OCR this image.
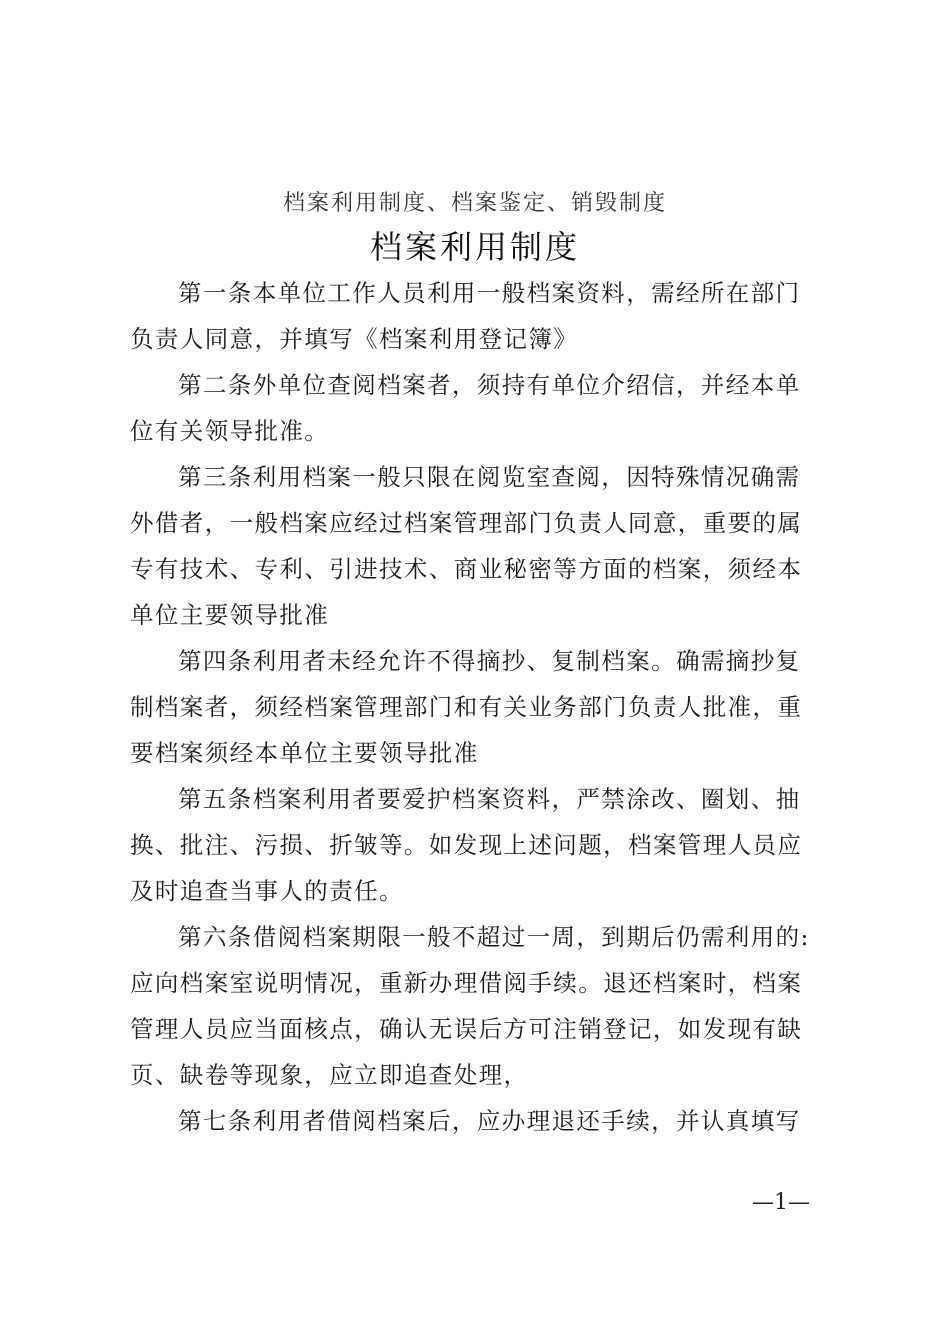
档案利用制度、档案鉴定、销毁制度
档案利用制度
第一条本单位工作人员利用一般档案资料，需经所在部门
负责人同意，并填写《档案利用登记簿》
第二条外单位查阅档案者，须持有单位介绍信，并经本单
位有关领导批准。
第三条利用档案一般只限在阅览室查阅，因特殊情况确需
外借者，一般档案应经过档案管理部门负责人同意，重要的属
专有技术、专利、引进技术、商业秘密等方面的档案，须经本
单位主要领导批准
第四条利用者未经允许不得摘抄、复制档案。确需摘抄复
制档案者，须经档案管理部门和有关业务部门负责人批准，重
要档案须经本单位主要领导批准
第五条档案利用者要爱护档案资料，严禁涂改、圈划、抽
换、批注、污损、折皱等。如发现上述问题，档案管理人员应
及时追查当事人的责任。
第六条借阅档案期限一般不超过一周，到期后仍需利用的:
应向档案室说明情况，重新办理借阅手续。退还档案时，档案
管理人员应当面核点，确认无误后方可注销登记，如发现有缺
页、缺卷等现象，应立即追查处理，
第七条利用者借阅档案后，应办理退还手续，并认真填写
—1—
